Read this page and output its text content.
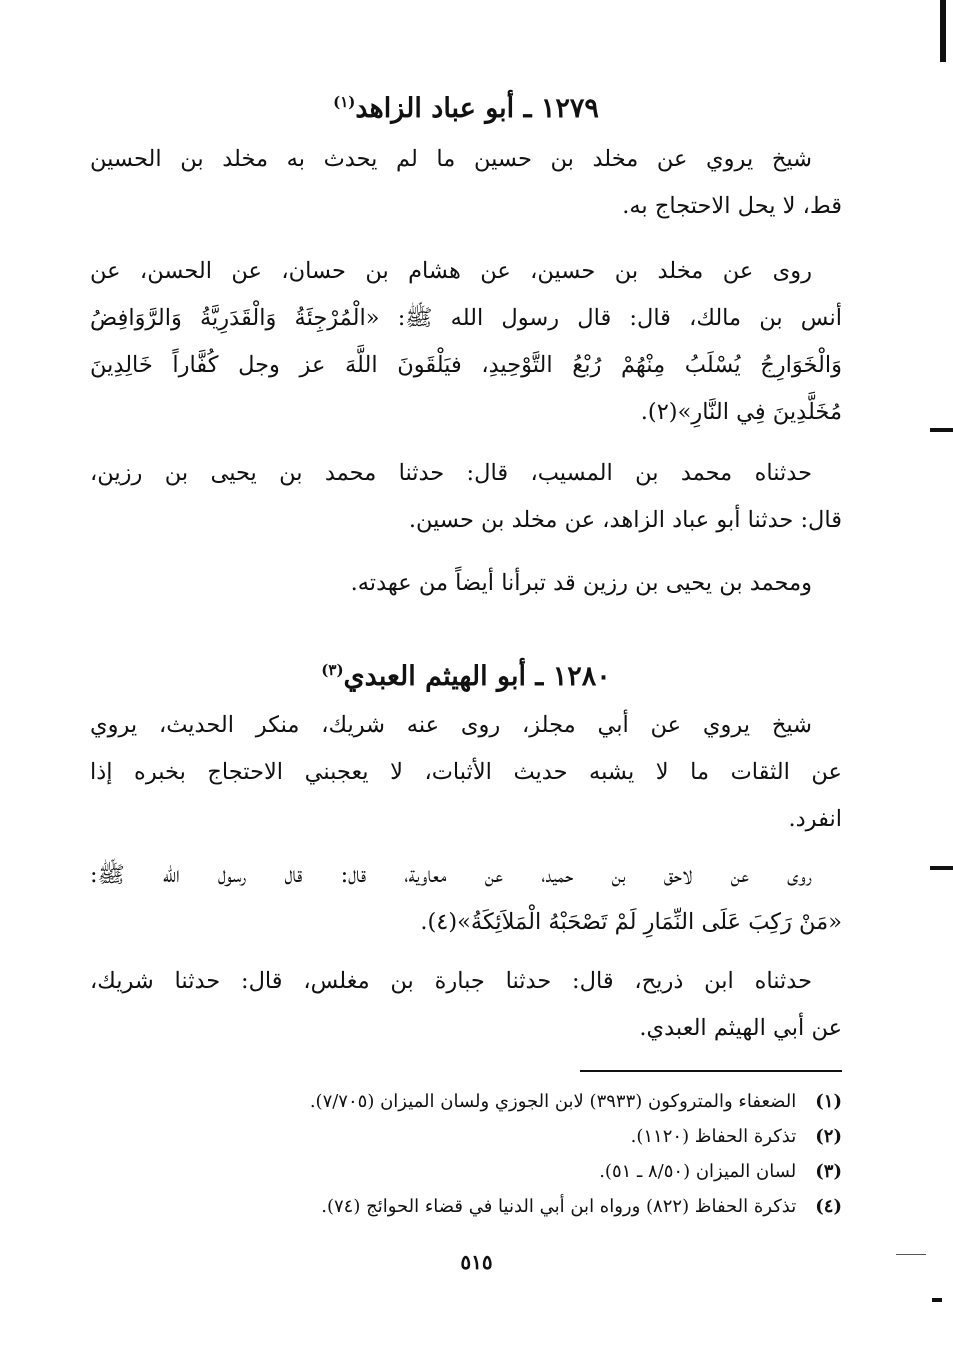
١٢٧٩ ـ أبو عباد الزاهد$^{(١)}$
شيخ يروي عن مخلد بن حسين ما لم يحدث به مخلد بن الحسين
قط، لا يحل الاحتجاج به.
روى عن مخلد بن حسين، عن هشام بن حسان، عن الحسن، عن
أنس بن مالك، قال: قال رسول الله ﷺ: «الْمُرْجِئَةُ وَالْقَدَرِيَّةُ وَالرَّوَافِضُ
وَالْخَوَارِجُ يُسْلَبُ مِنْهُمْ رُبْعُ التَّوْحِيدِ، فيَلْقَونَ اللَّهَ عز وجل كُفَّاراً خَالِدِينَ
مُخَلَّدِينَ فِي النَّارِ»(٢).
حدثناه محمد بن المسيب، قال: حدثنا محمد بن يحيى بن رزين،
قال: حدثنا أبو عباد الزاهد، عن مخلد بن حسين.
ومحمد بن يحيى بن رزين قد تبرأنا أيضاً من عهدته.
١٢٨٠ ـ أبو الهيثم العبدي$^{(٣)}$
شيخ يروي عن أبي مجلز، روى عنه شريك، منكر الحديث، يروي
عن الثقات ما لا يشبه حديث الأثبات، لا يعجبني الاحتجاج بخبره إذا
انفرد.
روى عن لاحق بن حميد، عن معاوية، قال: قال رسول الله ﷺ:
«مَنْ رَكِبَ عَلَى النِّمَارِ لَمْ تَصْحَبْهُ الْمَلاَئِكَةُ»(٤).
حدثناه ابن ذريح، قال: حدثنا جبارة بن مغلس، قال: حدثنا شريك،
عن أبي الهيثم العبدي.
(١) الضعفاء والمتروكون (٣٩٣٣) لابن الجوزي ولسان الميزان (٧/٧٠٥).
(٢) تذكرة الحفاظ (١١٢٠).
(٣) لسان الميزان (٨/٥٠ ـ ٥١).
(٤) تذكرة الحفاظ (٨٢٢) ورواه ابن أبي الدنيا في قضاء الحوائج (٧٤).
٥١٥
